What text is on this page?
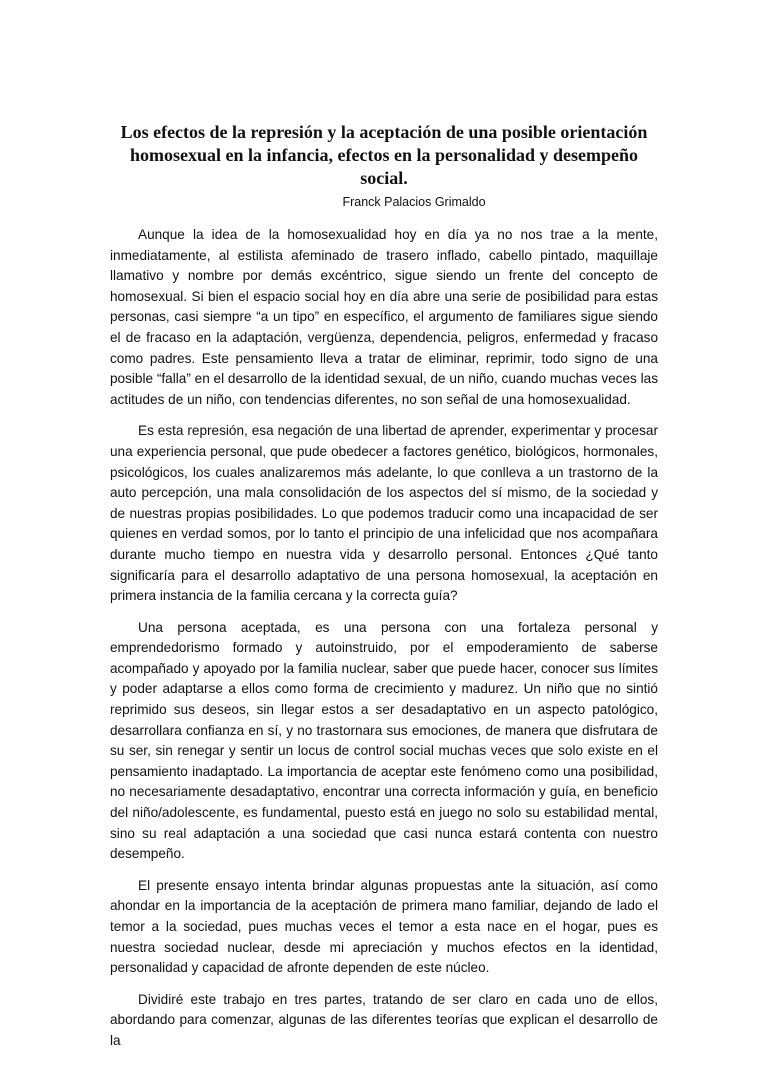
Los efectos de la represión y la aceptación de una posible orientación homosexual en la infancia, efectos en la personalidad y desempeño social.
Franck Palacios Grimaldo

Aunque la idea de la homosexualidad hoy en día ya no nos trae a la mente, inmediatamente, al estilista afeminado de trasero inflado, cabello pintado, maquillaje llamativo y nombre por demás excéntrico, sigue siendo un frente del concepto de homosexual. Si bien el espacio social hoy en día abre una serie de posibilidad para estas personas, casi siempre “a un tipo” en específico, el argumento de familiares sigue siendo el de fracaso en la adaptación, vergüenza, dependencia, peligros, enfermedad y fracaso como padres. Este pensamiento lleva a tratar de eliminar, reprimir, todo signo de una posible “falla” en el desarrollo de la identidad sexual, de un niño, cuando muchas veces las actitudes de un niño, con tendencias diferentes, no son señal de una homosexualidad.

Es esta represión, esa negación de una libertad de aprender, experimentar y procesar una experiencia personal, que pude obedecer a factores genético, biológicos, hormonales, psicológicos, los cuales analizaremos más adelante, lo que conlleva a un trastorno de la auto percepción, una mala consolidación de los aspectos del sí mismo, de la sociedad y de nuestras propias posibilidades. Lo que podemos traducir como una incapacidad de ser quienes en verdad somos, por lo tanto el principio de una infelicidad que nos acompañara durante mucho tiempo en nuestra vida y desarrollo personal. Entonces ¿Qué tanto significaría para el desarrollo adaptativo de una persona homosexual, la aceptación en primera instancia de la familia cercana y la correcta guía?

Una persona aceptada, es una persona con una fortaleza personal y emprendedorismo formado y autoinstruido, por el empoderamiento de saberse acompañado y apoyado por la familia nuclear, saber que puede hacer, conocer sus límites y poder adaptarse a ellos como forma de crecimiento y madurez. Un niño que no sintió reprimido sus deseos, sin llegar estos a ser desadaptativo en un aspecto patológico, desarrollara confianza en sí, y no trastornara sus emociones, de manera que disfrutara de su ser, sin renegar y sentir un locus de control social muchas veces que solo existe en el pensamiento inadaptado. La importancia de aceptar este fenómeno como una posibilidad, no necesariamente desadaptativo, encontrar una correcta información y guía, en beneficio del niño/adolescente, es fundamental, puesto está en juego no solo su estabilidad mental, sino su real adaptación a una sociedad que casi nunca estará contenta con nuestro desempeño.

El presente ensayo intenta brindar algunas propuestas ante la situación, así como ahondar en la importancia de la aceptación de primera mano familiar, dejando de lado el temor a la sociedad, pues muchas veces el temor a esta nace en el hogar, pues es nuestra sociedad nuclear, desde mi apreciación y muchos efectos en la identidad, personalidad y capacidad de afronte dependen de este núcleo.

Dividiré este trabajo en tres partes, tratando de ser claro en cada uno de ellos, abordando para comenzar, algunas de las diferentes teorías que explican el desarrollo de la
